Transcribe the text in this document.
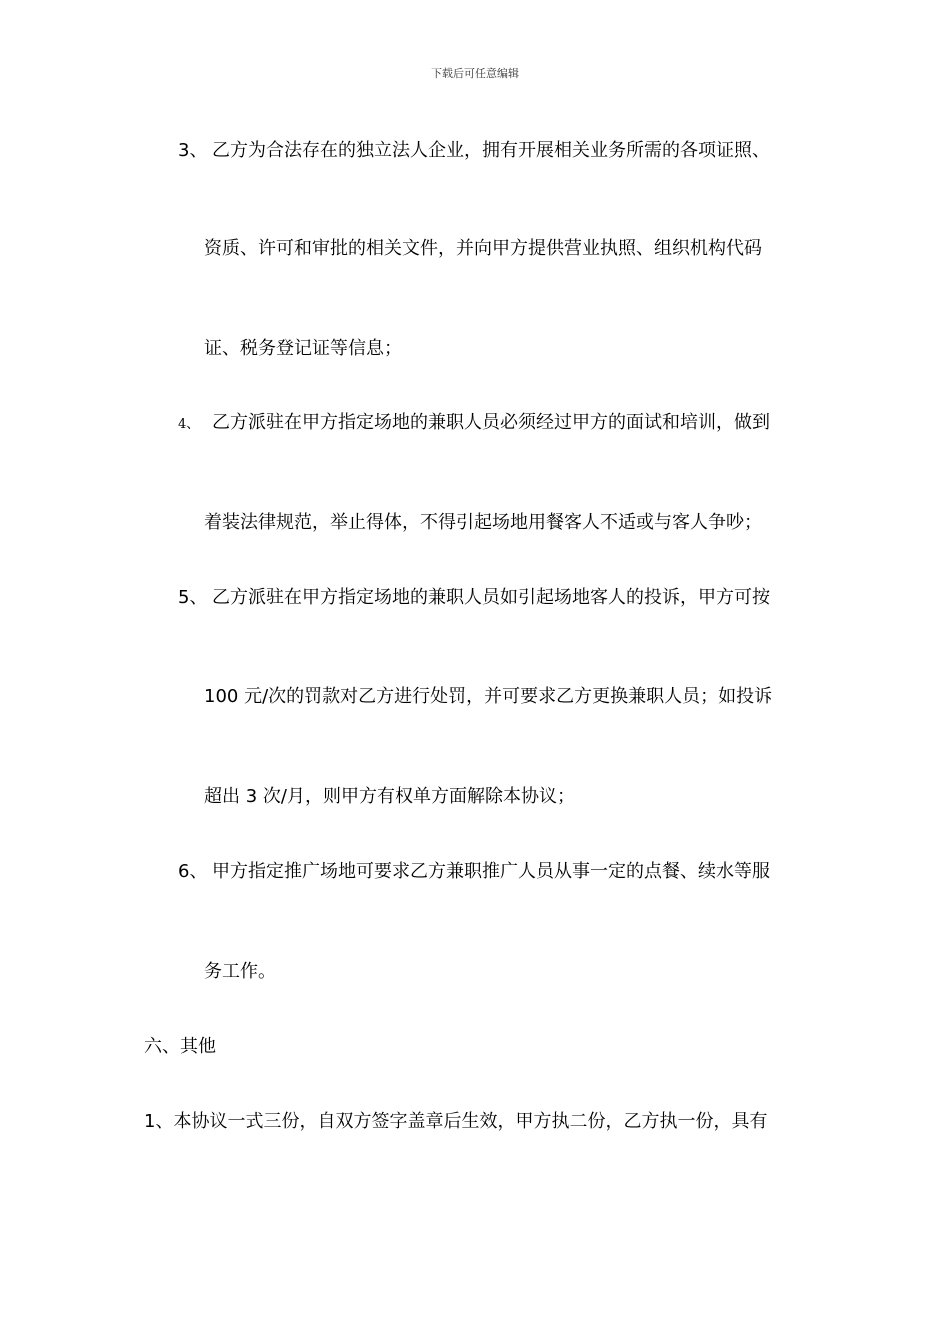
下载后可任意编辑
3、 乙方为合法存在的独立法人企业，拥有开展相关业务所需的各项证照、
资质、许可和审批的相关文件，并向甲方提供营业执照、组织机构代码
证、税务登记证等信息；
4、 乙方派驻在甲方指定场地的兼职人员必须经过甲方的面试和培训，做到
着装法律规范，举止得体，不得引起场地用餐客人不适或与客人争吵；
5、 乙方派驻在甲方指定场地的兼职人员如引起场地客人的投诉，甲方可按
100 元/次的罚款对乙方进行处罚，并可要求乙方更换兼职人员；如投诉
超出 3 次/月，则甲方有权单方面解除本协议；
6、 甲方指定推广场地可要求乙方兼职推广人员从事一定的点餐、续水等服
务工作。
六、其他
1、本协议一式三份，自双方签字盖章后生效，甲方执二份，乙方执一份，具有
